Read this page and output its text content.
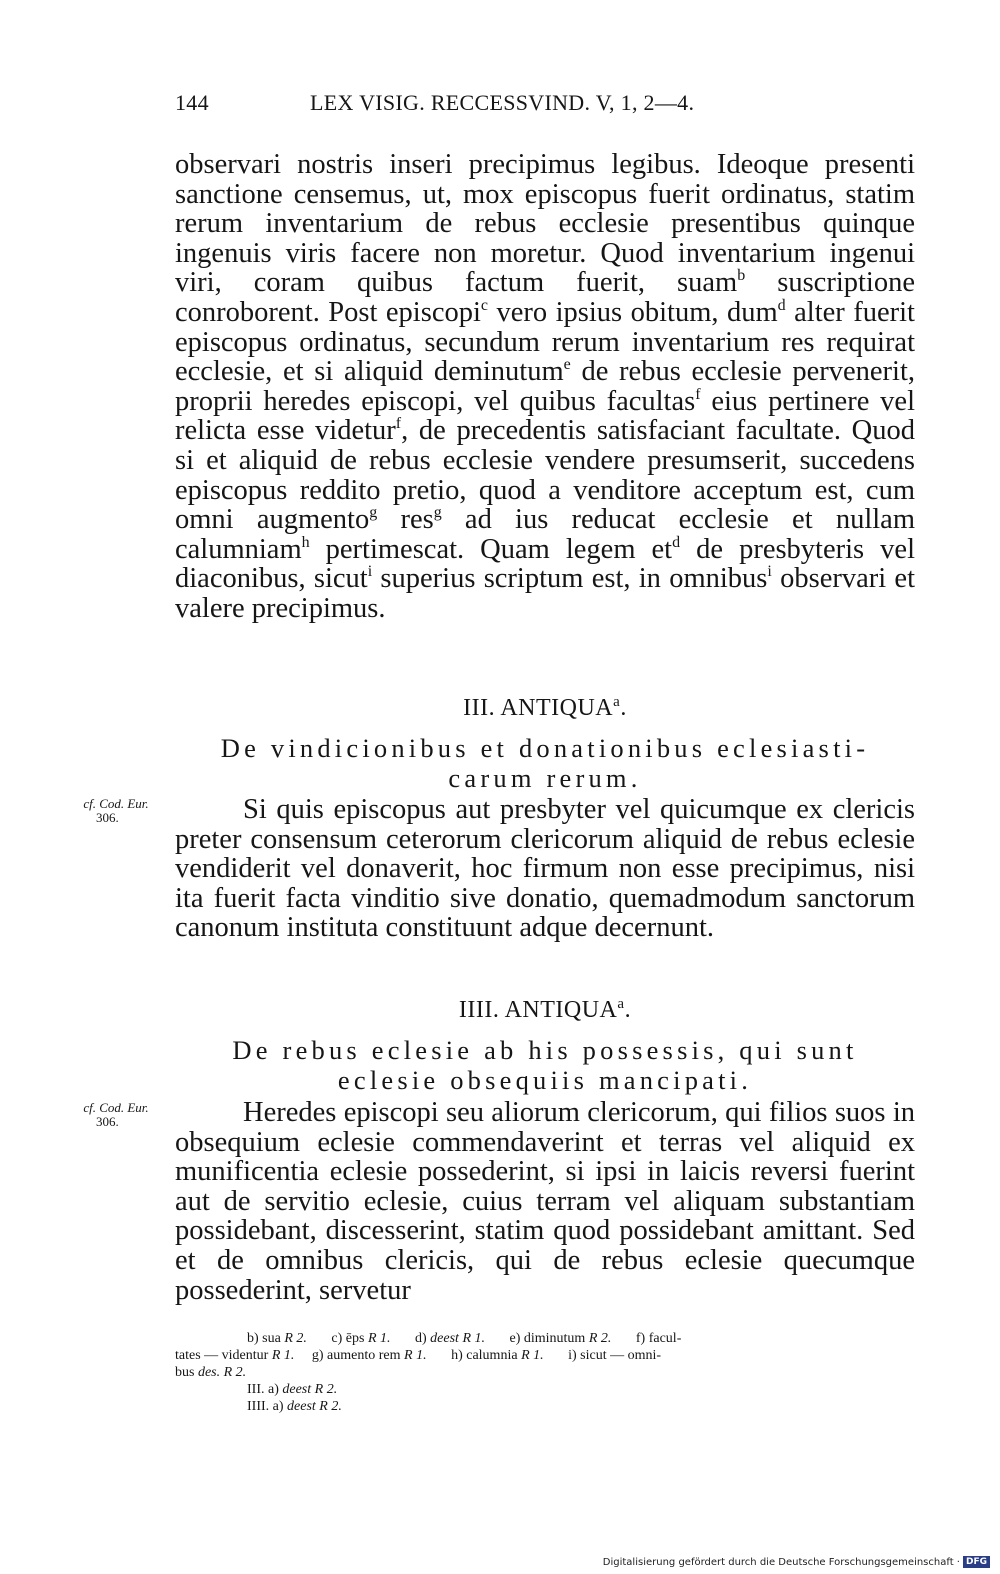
144	LEX VISIG. RECCESSVIND. V, 1, 2—4.
observari nostris inseri precipimus legibus. Ideoque presenti sanctione censemus, ut, mox episcopus fuerit ordinatus, statim rerum inventarium de rebus ecclesie presentibus quinque ingenuis viris facere non moretur. Quod inventarium ingenui viri, coram quibus factum fuerit, suam$^b$ suscriptione conroborent. Post episcopi$^c$ vero ipsius obitum, dum$^d$ alter fuerit episcopus ordinatus, secundum rerum inventarium res requirat ecclesie, et si aliquid deminutum$^e$ de rebus ecclesie pervenerit, proprii heredes episcopi, vel quibus facultas$^f$ eius pertinere vel relicta esse videtur$^f$, de precedentis satisfaciant facultate. Quod si et aliquid de rebus ecclesie vendere presumserit, succedens episcopus reddito pretio, quod a venditore acceptum est, cum omni augmento$^g$ res$^g$ ad ius reducat ecclesie et nullam calumniam$^h$ pertimescat. Quam legem $et^d$ de presbyteris vel diaconibus, sicut$^i$ superius scriptum est, in omnibus$^i$ observari et valere precipimus.
III. ANTIQUA$^a$.
De vindicionibus et donationibus eclesiasti-
carum rerum.
cf. Cod. Eur.
306.	Si quis episcopus aut presbyter vel quicumque ex clericis preter consensum ceterorum clericorum aliquid de rebus eclesie vendiderit vel donaverit, hoc firmum non esse precipimus, nisi ita fuerit facta vinditio sive donatio, quemadmodum sanctorum canonum instituta constituunt adque decernunt.
IIII. ANTIQUA$^a$.
De rebus eclesie ab his possessis, qui sunt
eclesie obsequiis mancipati.
cf. Cod. Eur.
306.	Heredes episcopi seu aliorum clericorum, qui filios suos in obsequium eclesie commendaverint et terras vel aliquid ex munificentia eclesie possederint, si ipsi in laicis reversi fuerint aut de servitio eclesie, cuius terram vel aliquam substantiam possidebant, discesserint, statim quod possidebant amittant. Sed et de omnibus clericis, qui de rebus eclesie quecumque possederint, servetur
b) sua R 2. c) ēps R 1. d) deest R 1. e) diminutum R 2. f) facul-
tates — videntur R 1. g) aumento rem R 1. h) calumnia R 1. i) sicut — omni-
bus des. R 2.
III. a) deest R 2.
IIII. a) deest R 2.
Digitalisierung gefördert durch die Deutsche Forschungsgemeinschaft · DFG
